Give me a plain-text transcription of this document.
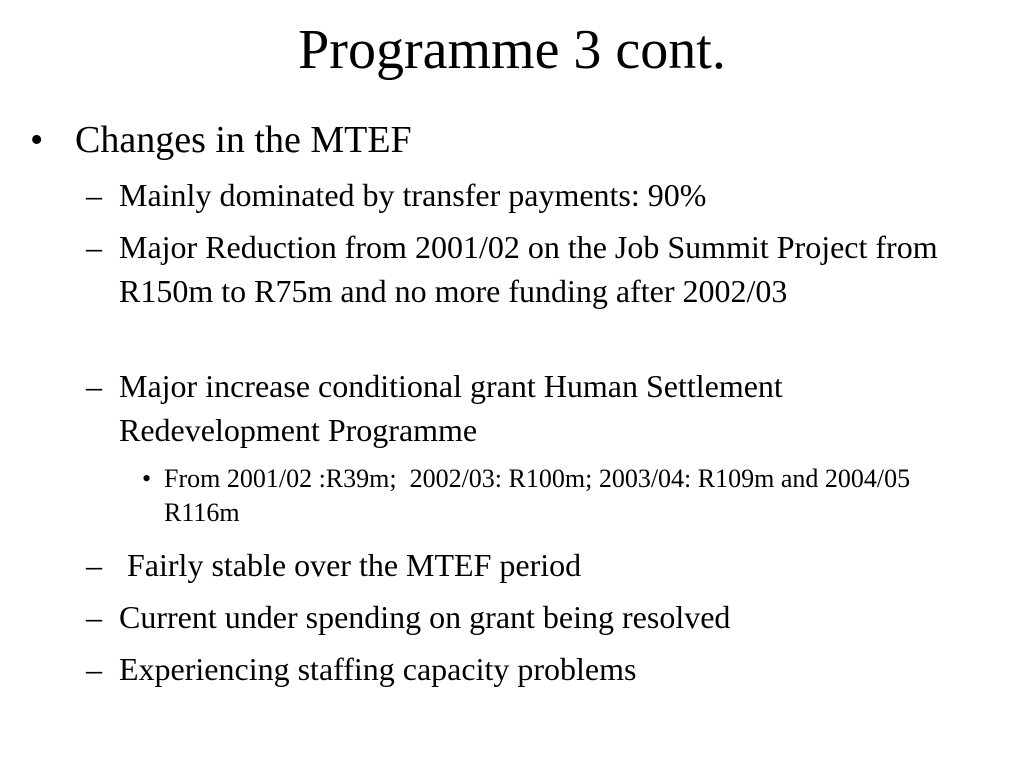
Programme 3 cont.
• Changes in the MTEF
– Mainly dominated by transfer payments: 90%
– Major Reduction from 2001/02 on the Job Summit Project from R150m to R75m and no more funding after 2002/03
– Major increase conditional grant Human Settlement Redevelopment Programme
• From 2001/02 :R39m;  2002/03: R100m; 2003/04: R109m and 2004/05 R116m
– Fairly stable over the MTEF period
– Current under spending on grant being resolved
– Experiencing staffing capacity problems
